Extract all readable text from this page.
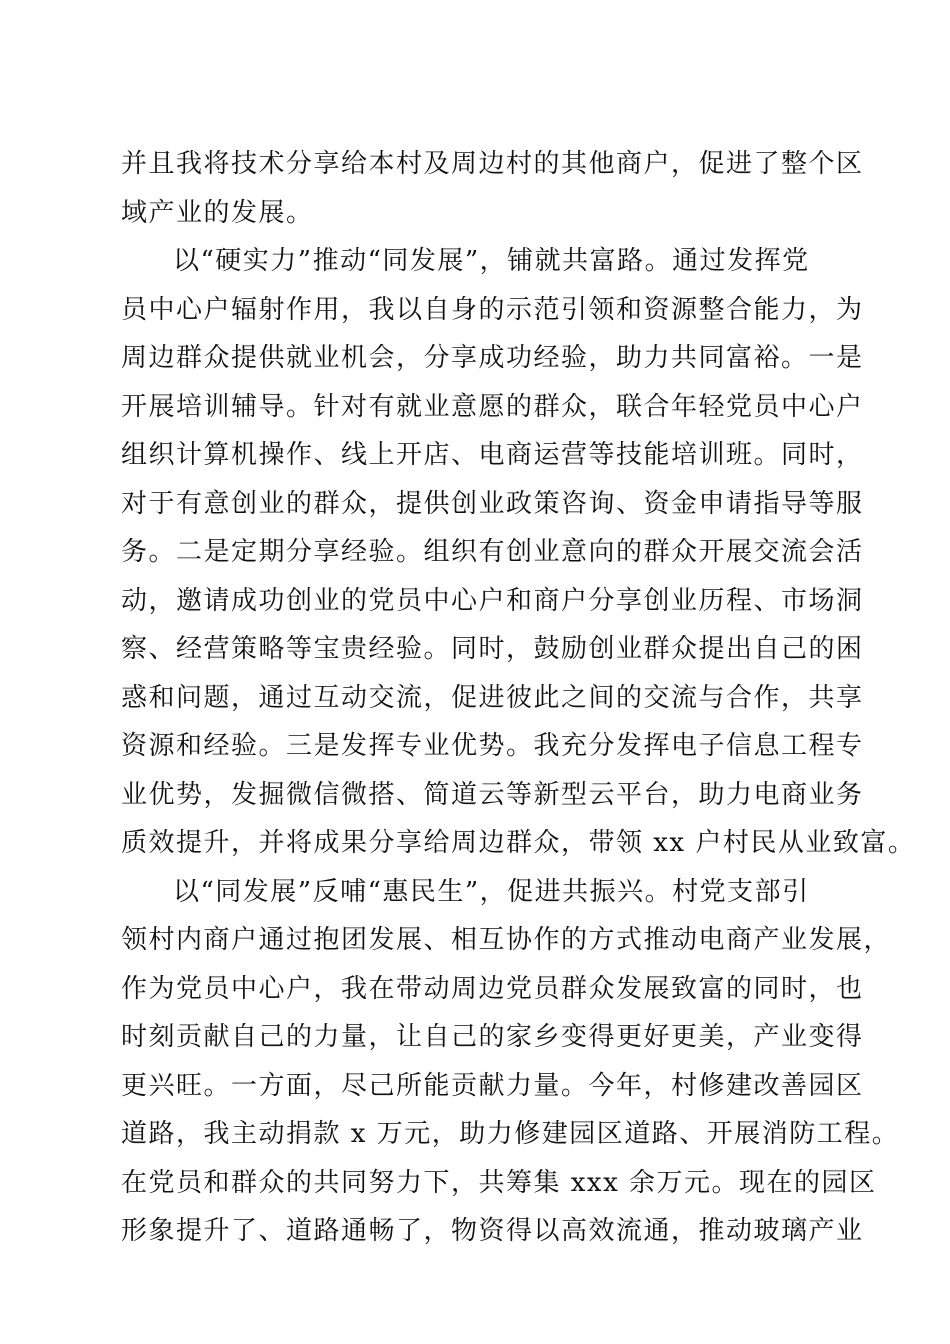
并且我将技术分享给本村及周边村的其他商户，促进了整个区
域产业的发展。
以“硬实力”推动“同发展”，铺就共富路。通过发挥党
员中心户辐射作用，我以自身的示范引领和资源整合能力，为
周边群众提供就业机会，分享成功经验，助力共同富裕。一是
开展培训辅导。针对有就业意愿的群众，联合年轻党员中心户
组织计算机操作、线上开店、电商运营等技能培训班。同时，
对于有意创业的群众，提供创业政策咨询、资金申请指导等服
务。二是定期分享经验。组织有创业意向的群众开展交流会活
动，邀请成功创业的党员中心户和商户分享创业历程、市场洞
察、经营策略等宝贵经验。同时，鼓励创业群众提出自己的困
惑和问题，通过互动交流，促进彼此之间的交流与合作，共享
资源和经验。三是发挥专业优势。我充分发挥电子信息工程专
业优势，发掘微信微搭、简道云等新型云平台，助力电商业务
质效提升，并将成果分享给周边群众，带领 xx 户村民从业致富。
以“同发展”反哺“惠民生”，促进共振兴。村党支部引
领村内商户通过抱团发展、相互协作的方式推动电商产业发展，
作为党员中心户，我在带动周边党员群众发展致富的同时，也
时刻贡献自己的力量，让自己的家乡变得更好更美，产业变得
更兴旺。一方面，尽己所能贡献力量。今年，村修建改善园区
道路，我主动捐款 x 万元，助力修建园区道路、开展消防工程。
在党员和群众的共同努力下，共筹集 xxx 余万元。现在的园区
形象提升了、道路通畅了，物资得以高效流通，推动玻璃产业
